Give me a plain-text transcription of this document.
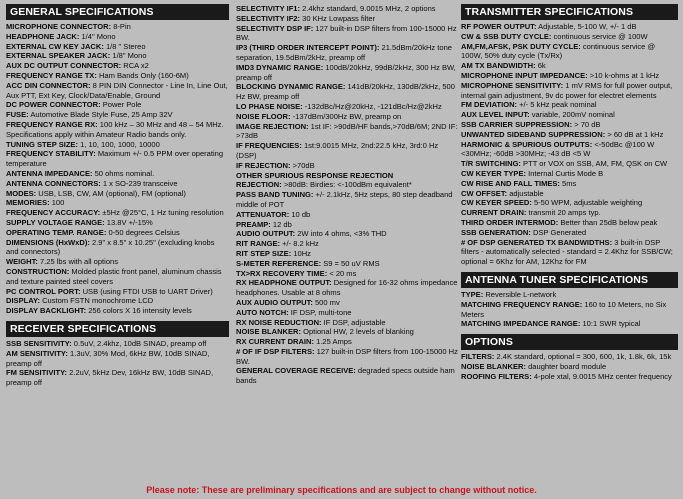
GENERAL SPECIFICATIONS

MICROPHONE CONNECTOR: 8-Pin

HEADPHONE JACK: 1/4" Mono

EXTERNAL CW KEY JACK: 1/8 " Stereo

EXTERNAL SPEAKER JACK: 1/8" Mono

AUX DC OUTPUT CONNECTOR: RCA x2

FREQUENCY RANGE TX: Ham Bands Only (160-6M)

ACC DIN CONNECTOR: 8 PIN DIN Connector - Line In, Line Out, Aux PTT, Ext Key, Clock/Data/Enable, Ground

DC POWER CONNECTOR: Power Pole

FUSE: Automotive Blade Style Fuse, 25 Amp 32V

FREQUENCY RANGE RX: 100 kHz – 30 MHz and 48 – 54 MHz. Specifications apply within Amateur Radio bands only.

TUNING STEP SIZE: 1, 10, 100, 1000, 10000

FREQUENCY STABILITY: Maximum +/- 0.5 PPM over operating temperature

ANTENNA IMPEDANCE: 50 ohms nominal.

ANTENNA CONNECTORS: 1 x SO-239 transceive

MODES: USB, LSB, CW, AM (optional), FM (optional)

MEMORIES: 100

FREQUENCY ACCURACY: ±5Hz @25°C, 1 Hz tuning resolution

SUPPLY VOLTAGE RANGE: 13.8V +/-15%

OPERATING TEMP. RANGE: 0-50 degrees Celsius

DIMENSIONS (HxWxD): 2.9" x 8.5" x 10.25" (excluding knobs and connectors)

WEIGHT: 7.25 lbs with all options

CONSTRUCTION: Molded plastic front panel, aluminum chassis and texture painted steel covers

PC CONTROL PORT: USB (using FTDI USB to UART Driver)

DISPLAY: Custom FSTN monochrome LCD

DISPLAY BACKLIGHT: 256 colors X 16 intensity levels

RECEIVER SPECIFICATIONS

SSB SENSITIVITY: 0.5uV, 2.4khz, 10dB SINAD, preamp off

AM SENSITIVITY: 1.3uV, 30% Mod, 6kHz BW, 10dB SINAD, preamp off

FM SENSITIVITY: 2.2uV, 5kHz Dev, 16kHz BW, 10dB SINAD, preamp off

SELECTIVITY IF1: 2.4khz standard, 9.0015 MHz, 2 options

SELECTIVITY IF2: 30 KHz Lowpass filter

SELECTIVITY DSP IF: 127 built-in DSP filters from 100-15000 Hz BW.

IP3 (THIRD ORDER INTERCEPT POINT): 21.5dBm/20kHz tone separation, 19.5dBm/2kHz, preamp off

IMD3 DYNAMIC RANGE: 100dB/20kHz, 99dB/2kHz, 300 Hz BW, preamp off

BLOCKING DYNAMIC RANGE: 141dB/20kHz, 130dB/2kHz, 500 Hz BW, preamp off

LO PHASE NOISE: -132dBc/Hz@20kHz, -121dBc/Hz@2kHz

NOISE FLOOR: -137dBm/300Hz BW, preamp on

IMAGE REJECTION: 1st IF: >90dB/HF bands,>70dB/6M; 2ND IF: >73dB

IF FREQUENCIES: 1st:9.0015 MHz, 2nd:22.5 kHz, 3rd:0 Hz (DSP)

IF REJECTION: >70dB

OTHER SPURIOUS RESPONSE REJECTION

REJECTION: >80dB: Birdies: <-100dBm equivalent*

PASS BAND TUNING: +/- 2.1kHz, 5Hz steps, 80 step deadband middle of POT

ATTENUATOR: 10 db

PREAMP: 12 db

AUDIO OUTPUT: 2W into 4 ohms, <3% THD

RIT RANGE: +/- 8.2 kHz

RIT STEP SIZE: 10Hz

S-METER REFERENCE: S9 = 50 uV RMS

TX>RX RECOVERY TIME: < 20 ms

RX HEADPHONE OUTPUT: Designed for 16-32 ohms impedance headphones. Usable at 8 ohms

AUX AUDIO OUTPUT: 500 mv

AUTO NOTCH: IF DSP, multi-tone

RX NOISE REDUCTION: IF DSP, adjustable

NOISE BLANKER: Optional HW, 2 levels of blanking

RX CURRENT DRAIN: 1.25 Amps

# OF IF DSP FILTERS: 127 built-in DSP filters from 100-15000 Hz BW.

GENERAL COVERAGE RECEIVE: degraded specs outside ham bands

TRANSMITTER SPECIFICATIONS

RF POWER OUTPUT: Adjustable, 5-100 W, +/- 1 dB

CW & SSB DUTY CYCLE: continuous service @ 100W

AM,FM,AFSK, PSK DUTY CYCLE: continuous service @ 100W, 50% duty cycle (Tx/Rx)

AM TX BANDWIDTH: 6k

MICROPHONE INPUT IMPEDANCE: >10 k-ohms at 1 kHz

MICROPHONE SENSITIVITY: 1 mV RMS for full power output, internal gain adjustment, 9v dc power for electret elements

FM DEVIATION: +/- 5 kHz peak nominal

AUX LEVEL INPUT: variable, 200mV nominal

SSB CARRIER SUPPRESSION: > 70 dB

UNWANTED SIDEBAND SUPPRESSION: > 60 dB at 1 kHz

HARMONIC & SPURIOUS OUTPUTS: <-50dBc @100 W <30MHz; -60dB >30MHz; -43 dB <5 W

T/R SWITCHING: PTT or VOX on SSB, AM, FM, QSK on CW

CW KEYER TYPE: Internal Curtis Mode B

CW RISE AND FALL TIMES: 5ms

CW OFFSET: adjustable

CW KEYER SPEED: 5-50 WPM, adjustable weighting

CURRENT DRAIN: transmit 20 amps typ.

THIRD ORDER INTERMOD: Better than 25dB below peak

SSB GENERATION: DSP Generated

# OF DSP GENERATED TX BANDWIDTHS: 3 built-in DSP filters - automatically selected - standard = 2.4Khz for SSB/CW; optional = 6Khz for AM, 12Khz for FM

ANTENNA TUNER SPECIFICATIONS

TYPE: Reversible L-network

MATCHING FREQUENCY RANGE: 160 to 10 Meters, no Six Meters

MATCHING IMPEDANCE RANGE: 10:1 SWR typical

OPTIONS

FILTERS: 2.4K standard, optional = 300, 600, 1k, 1.8k, 6k, 15k

NOISE BLANKER: daughter board module

ROOFING FILTERS: 4-pole xtal, 9.0015 MHz center frequency

Please note: These are preliminary specifications and are subject to change without notice.
